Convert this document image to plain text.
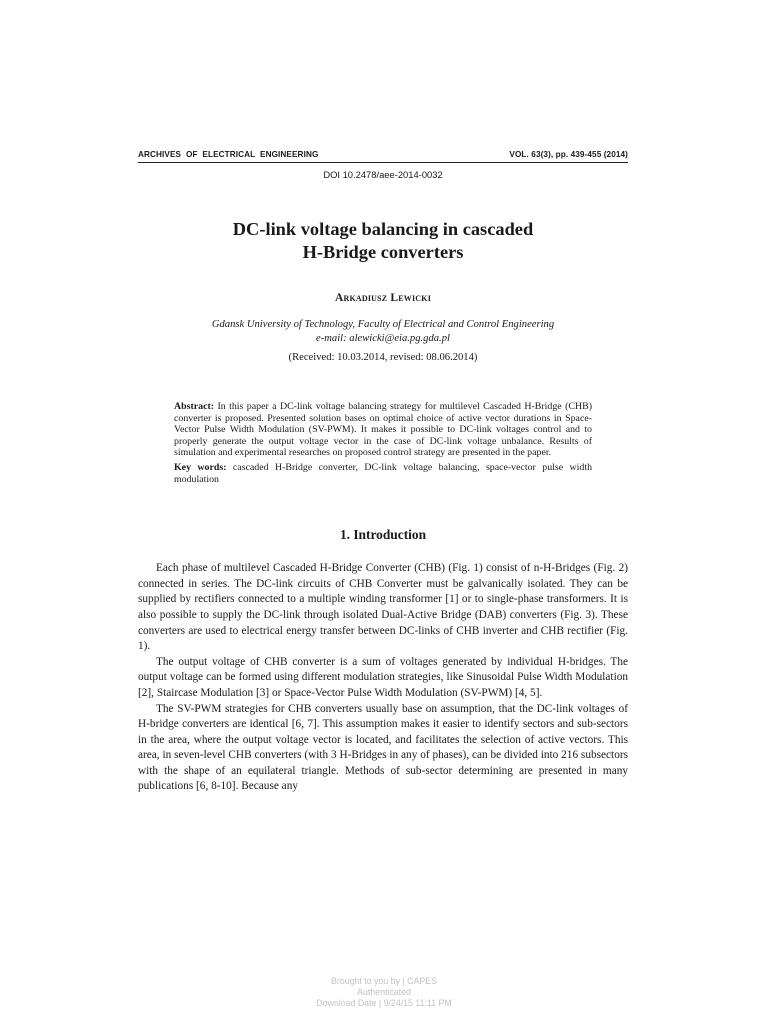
ARCHIVES OF ELECTRICAL ENGINEERING	VOL. 63(3), pp. 439-455 (2014)
DOI 10.2478/aee-2014-0032
DC-link voltage balancing in cascaded
H-Bridge converters
Arkadiusz Lewicki
Gdansk University of Technology, Faculty of Electrical and Control Engineering
e-mail: alewicki@eia.pg.gda.pl
(Received: 10.03.2014, revised: 08.06.2014)

Abstract: In this paper a DC-link voltage balancing strategy for multilevel Cascaded H-Bridge (CHB) converter is proposed. Presented solution bases on optimal choice of active vector durations in Space-Vector Pulse Width Modulation (SV-PWM). It makes it possible to DC-link voltages control and to properly generate the output voltage vector in the case of DC-link voltage unbalance. Results of simulation and experimental researches on proposed control strategy are presented in the paper.

Key words: cascaded H-Bridge converter, DC-link voltage balancing, space-vector pulse width modulation

1. Introduction

Each phase of multilevel Cascaded H-Bridge Converter (CHB) (Fig. 1) consist of n-H-Bridges (Fig. 2) connected in series. The DC-link circuits of CHB Converter must be galvanically isolated. They can be supplied by rectifiers connected to a multiple winding transformer [1] or to single-phase transformers. It is also possible to supply the DC-link through isolated Dual-Active Bridge (DAB) converters (Fig. 3). These converters are used to electrical energy transfer between DC-links of CHB inverter and CHB rectifier (Fig. 1).

The output voltage of CHB converter is a sum of voltages generated by individual H-bridges. The output voltage can be formed using different modulation strategies, like Sinusoidal Pulse Width Modulation [2], Staircase Modulation [3] or Space-Vector Pulse Width Modulation (SV-PWM) [4, 5].

The SV-PWM strategies for CHB converters usually base on assumption, that the DC-link voltages of H-bridge converters are identical [6, 7]. This assumption makes it easier to identify sectors and sub-sectors in the area, where the output voltage vector is located, and facilitates the selection of active vectors. This area, in seven-level CHB converters (with 3 H-Bridges in any of phases), can be divided into 216 subsectors with the shape of an equilateral triangle. Methods of sub-sector determining are presented in many publications [6, 8-10]. Because any

Brought to you by | CAPES
Authenticated
Download Date | 9/24/15 11:11 PM
